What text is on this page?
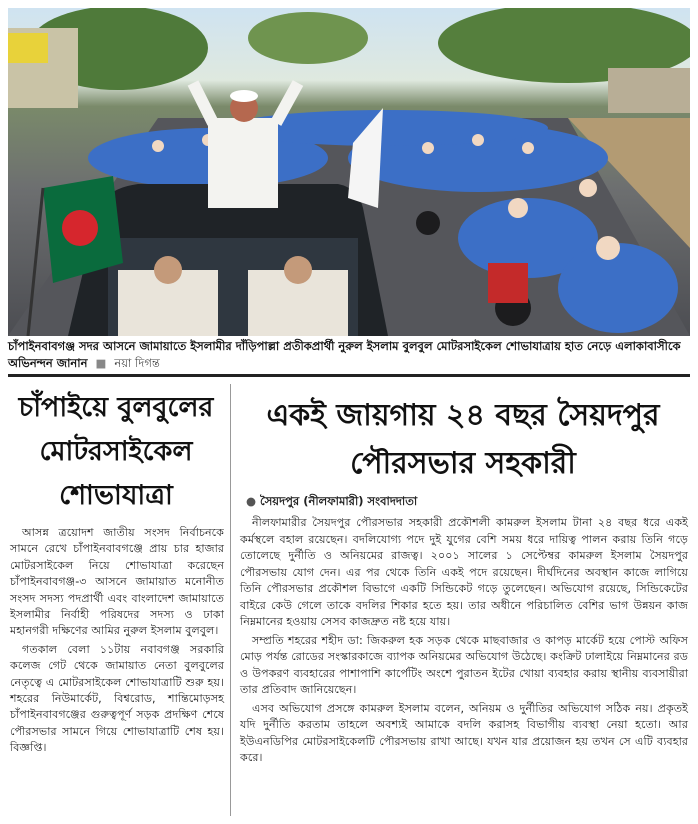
চাঁপাইনবাবগঞ্জ সদর আসনে জামায়াতে ইসলামীর দাঁড়িপাল্লা প্রতীকপ্রার্থী নুরুল ইসলাম বুলবুল মোটরসাইকেল শোভাযাত্রায় হাত নেড়ে এলাকাবাসীকে অভিনন্দন জানান ■ নয়া দিগন্ত
চাঁপাইয়ে বুলবুলের
মোটরসাইকেল
শোভাযাত্রা

আসন্ন ত্রয়োদশ জাতীয় সংসদ নির্বাচনকে সামনে রেখে চাঁপাইনবাবগঞ্জে প্রায় চার হাজার মোটরসাইকেল নিয়ে শোভাযাত্রা করেছেন চাঁপাইনবাবগঞ্জ-৩ আসনে জামায়াত মনোনীত সংসদ সদস্য পদপ্রার্থী এবং বাংলাদেশ জামায়াতে ইসলামীর নির্বাহী পরিষদের সদস্য ও ঢাকা মহানগরী দক্ষিণের আমির নুরুল ইসলাম বুলবুল।

গতকাল বেলা ১১টায় নবাবগঞ্জ সরকারি কলেজ গেট থেকে জামায়াত নেতা বুলবুলের নেতৃত্বে এ মোটরসাইকেল শোভাযাত্রাটি শুরু হয়। শহরের নিউমার্কেট, বিশ্বরোড, শান্তিমোড়সহ চাঁপাইনবাবগঞ্জের গুরুত্বপূর্ণ সড়ক প্রদক্ষিণ শেষে পৌরসভার সামনে গিয়ে শোভাযাত্রাটি শেষ হয়। বিজ্ঞপ্তি।

একই জায়গায় ২৪ বছর সৈয়দপুর
পৌরসভার সহকারী
● সৈয়দপুর (নীলফামারী) সংবাদদাতা

নীলফামারীর সৈয়দপুর পৌরসভার সহকারী প্রকৌশলী কামরুল ইসলাম টানা ২৪ বছর ধরে একই কর্মস্থলে বহাল রয়েছেন। বদলিযোগ্য পদে দুই যুগের বেশি সময় ধরে দায়িত্ব পালন করায় তিনি গড়ে তোলেছে দুর্নীতি ও অনিয়মের রাজত্ব। ২০০১ সালের ১ সেপ্টেম্বর কামরুল ইসলাম সৈয়দপুর পৌরসভায় যোগ দেন। এর পর থেকে তিনি একই পদে রয়েছেন। দীর্ঘদিনের অবস্থান কাজে লাগিয়ে তিনি পৌরসভার প্রকৌশল বিভাগে একটি সিন্ডিকেট গড়ে তুলেছেন। অভিযোগ রয়েছে, সিন্ডিকেটের বাইরে কেউ গেলে তাকে বদলির শিকার হতে হয়। তার অধীনে পরিচালিত বেশির ভাগ উন্নয়ন কাজ নিম্নমানের হওয়ায় সেসব কাজদ্রুত নষ্ট হয়ে যায়।

সম্প্রতি শহরের শহীদ ডা: জিকরুল হক সড়ক থেকে মাছবাজার ও কাপড় মার্কেট হয়ে পোস্ট অফিস মোড় পর্যন্ত রোডের সংস্কারকাজে ব্যাপক অনিয়মের অভিযোগ উঠেছে। কংক্রিট ঢালাইয়ে নিম্নমানের রড ও উপকরণ ব্যবহারের পাশাপাশি কার্পেটিং অংশে পুরাতন ইটের খোয়া ব্যবহার করায় স্থানীয় ব্যবসায়ীরা তার প্রতিবাদ জানিয়েছেন।

এসব অভিযোগ প্রসঙ্গে কামরুল ইসলাম বলেন, অনিয়ম ও দুর্নীতির অভিযোগ সঠিক নয়। প্রকৃতই যদি দুর্নীতি করতাম তাহলে অবশ্যই আমাকে বদলি করাসহ বিভাগীয় ব্যবস্থা নেয়া হতো। আর ইউএনডিপির মোটরসাইকেলটি পৌরসভায় রাখা আছে। যখন যার প্রয়োজন হয় তখন সে এটি ব্যবহার করে।
